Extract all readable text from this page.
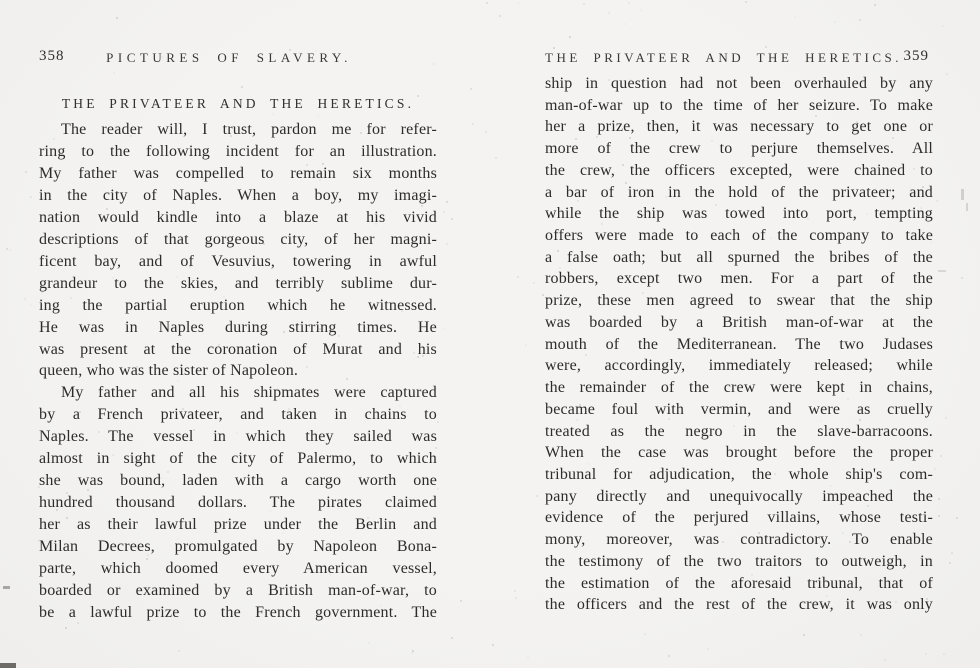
358	PICTURES OF SLAVERY.
THE PRIVATEER AND THE HERETICS.
The reader will, I trust, pardon me for refer-
ring to the following incident for an illustration.
My father was compelled to remain six months
in the city of Naples. When a boy, my imagi-
nation would kindle into a blaze at his vivid
descriptions of that gorgeous city, of her magni-
ficent bay, and of Vesuvius, towering in awful
grandeur to the skies, and terribly sublime dur-
ing the partial eruption which he witnessed.
He was in Naples during stirring times. He
was present at the coronation of Murat and his
queen, who was the sister of Napoleon.
My father and all his shipmates were captured
by a French privateer, and taken in chains to
Naples. The vessel in which they sailed was
almost in sight of the city of Palermo, to which
she was bound, laden with a cargo worth one
hundred thousand dollars. The pirates claimed
her as their lawful prize under the Berlin and
Milan Decrees, promulgated by Napoleon Bona-
parte, which doomed every American vessel,
boarded or examined by a British man-of-war, to
be a lawful prize to the French government. The
THE PRIVATEER AND THE HERETICS. 359
ship in question had not been overhauled by any
man-of-war up to the time of her seizure. To make
her a prize, then, it was necessary to get one or
more of the crew to perjure themselves. All
the crew, the officers excepted, were chained to
a bar of iron in the hold of the privateer; and
while the ship was towed into port, tempting
offers were made to each of the company to take
a false oath; but all spurned the bribes of the
robbers, except two men. For a part of the
prize, these men agreed to swear that the ship
was boarded by a British man-of-war at the
mouth of the Mediterranean. The two Judases
were, accordingly, immediately released; while
the remainder of the crew were kept in chains,
became foul with vermin, and were as cruelly
treated as the negro in the slave-barracoons.
When the case was brought before the proper
tribunal for adjudication, the whole ship's com-
pany directly and unequivocally impeached the
evidence of the perjured villains, whose testi-
mony, moreover, was contradictory. To enable
the testimony of the two traitors to outweigh, in
the estimation of the aforesaid tribunal, that of
the officers and the rest of the crew, it was only
